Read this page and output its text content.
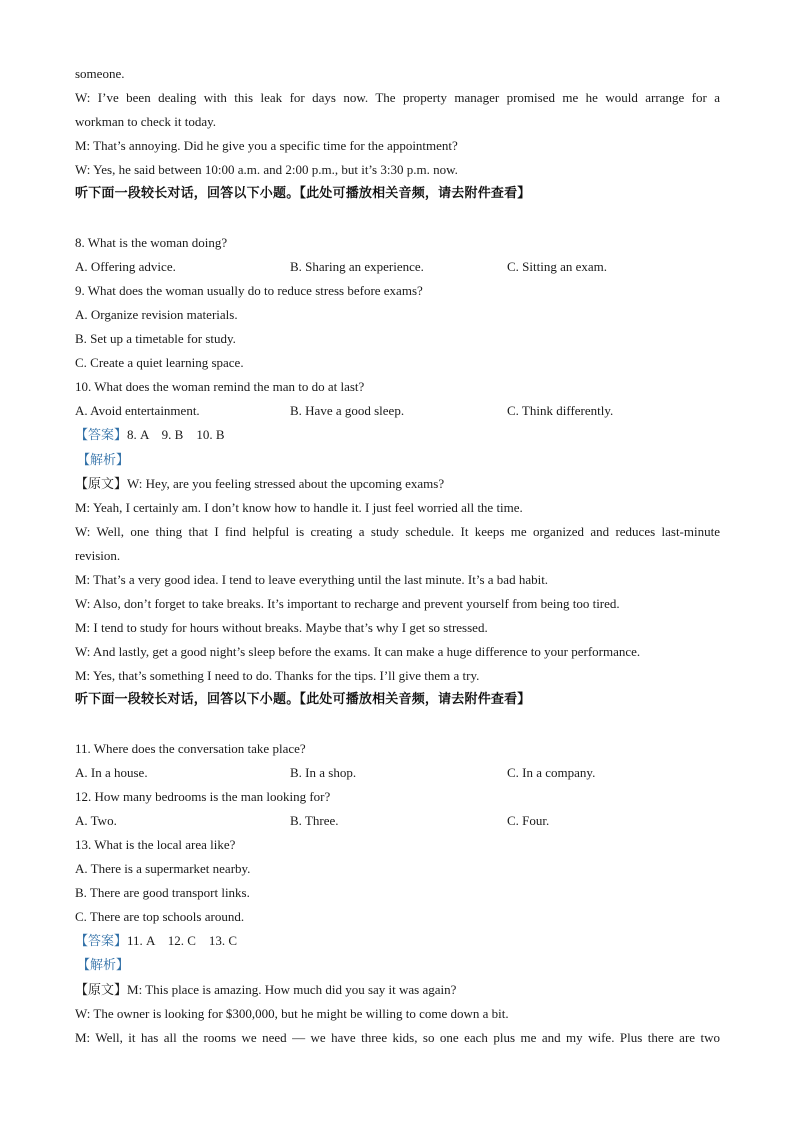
someone.
W: I’ve been dealing with this leak for days now. The property manager promised me he would arrange for a
workman to check it today.
M: That’s annoying. Did he give you a specific time for the appointment?
W: Yes, he said between 10:00 a.m. and 2:00 p.m., but it’s 3:30 p.m. now.
听下面一段较长对话，回答以下小题。【此处可播放相关音频，请去附件查看】
8. What is the woman doing?
A. Offering advice.	B. Sharing an experience.	C. Sitting an exam.
9. What does the woman usually do to reduce stress before exams?
A. Organize revision materials.
B. Set up a timetable for study.
C. Create a quiet learning space.
10. What does the woman remind the man to do at last?
A. Avoid entertainment.	B. Have a good sleep.	C. Think differently.
【答案】8. A    9. B    10. B
【解析】
【原文】W: Hey, are you feeling stressed about the upcoming exams?
M: Yeah, I certainly am. I don’t know how to handle it. I just feel worried all the time.
W: Well, one thing that I find helpful is creating a study schedule. It keeps me organized and reduces last-minute
revision.
M: That’s a very good idea. I tend to leave everything until the last minute. It’s a bad habit.
W: Also, don’t forget to take breaks. It’s important to recharge and prevent yourself from being too tired.
M: I tend to study for hours without breaks. Maybe that’s why I get so stressed.
W: And lastly, get a good night’s sleep before the exams. It can make a huge difference to your performance.
M: Yes, that’s something I need to do. Thanks for the tips. I’ll give them a try.
听下面一段较长对话，回答以下小题。【此处可播放相关音频，请去附件查看】
11. Where does the conversation take place?
A. In a house.	B. In a shop.	C. In a company.
12. How many bedrooms is the man looking for?
A. Two.	B. Three.	C. Four.
13. What is the local area like?
A. There is a supermarket nearby.
B. There are good transport links.
C. There are top schools around.
【答案】11. A    12. C    13. C
【解析】
【原文】M: This place is amazing. How much did you say it was again?
W: The owner is looking for $300,000, but he might be willing to come down a bit.
M: Well, it has all the rooms we need — we have three kids, so one each plus me and my wife. Plus there are two
